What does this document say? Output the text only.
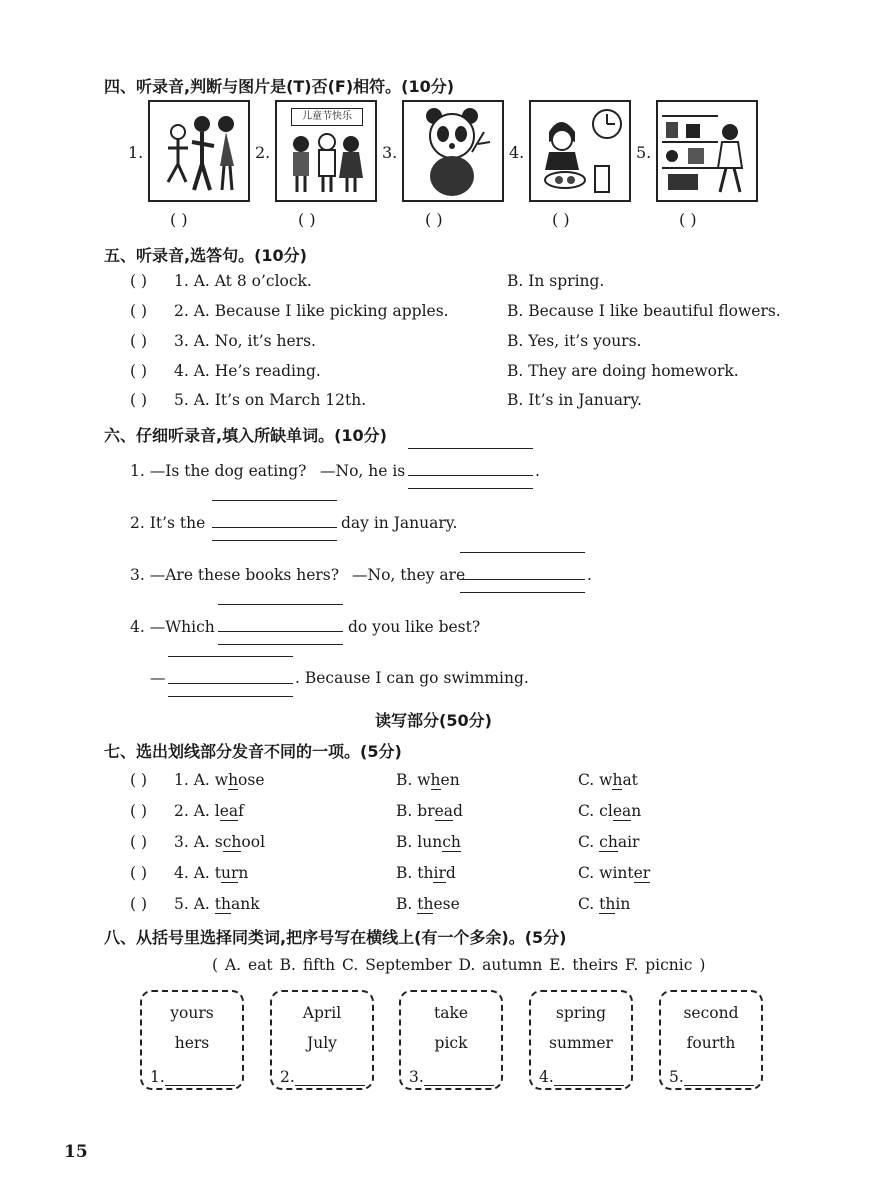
四、听录音,判断与图片是(T)否(F)相符。(10分)
1.	2.
儿童节快乐
3.	4.	5.
( )	( )	( )	( )	( )
五、听录音,选答句。(10分)
( ) 1. A. At 8 o’clock.	B. In spring.
( ) 2. A. Because I like picking apples.	B. Because I like beautiful flowers.
( ) 3. A. No, it’s hers.	B. Yes, it’s yours.
( ) 4. A. He’s reading.	B. They are doing homework.
( ) 5. A. It’s on March 12th.	B. It’s in January.
六、仔细听录音,填入所缺单词。(10分)
1. —Is the dog eating? —No, he is	.
2. It’s the	day in January.
3. —Are these books hers? —No, they are	.
4. —Which	do you like best?
—	. Because I can go swimming.
读写部分(50分)
七、选出划线部分发音不同的一项。(5分)
( ) 1. A. whose	B. when	C. what
( ) 2. A. leaf	B. bread	C. clean
( ) 3. A. school	B. lunch	C. chair
( ) 4. A. turn	B. third	C. winter
( ) 5. A. thank	B. these	C. thin
八、从括号里选择同类词,把序号写在横线上(有一个多余)。(5分)
( A. eat B. fifth C. September D. autumn E. theirs F. picnic )
yours
hers
1.
April
July
2.
take
pick
3.
spring
summer
4.
second
fourth
5.
15
